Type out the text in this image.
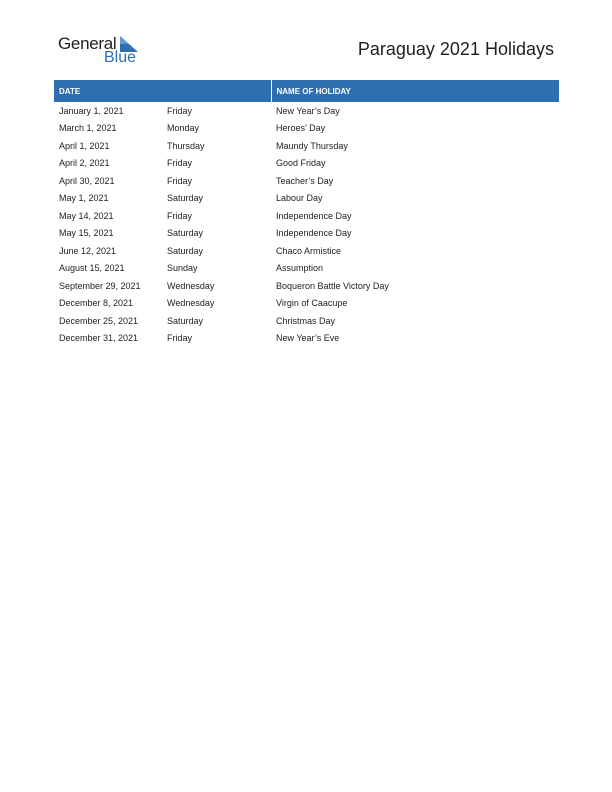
General
Blue	Paraguay 2021 Holidays
DATE		NAME OF HOLIDAY
January 1, 2021	Friday	New Year’s Day
March 1, 2021	Monday	Heroes’ Day
April 1, 2021	Thursday	Maundy Thursday
April 2, 2021	Friday	Good Friday
April 30, 2021	Friday	Teacher’s Day
May 1, 2021	Saturday	Labour Day
May 14, 2021	Friday	Independence Day
May 15, 2021	Saturday	Independence Day
June 12, 2021	Saturday	Chaco Armistice
August 15, 2021	Sunday	Assumption
September 29, 2021	Wednesday	Boqueron Battle Victory Day
December 8, 2021	Wednesday	Virgin of Caacupe
December 25, 2021	Saturday	Christmas Day
December 31, 2021	Friday	New Year’s Eve
